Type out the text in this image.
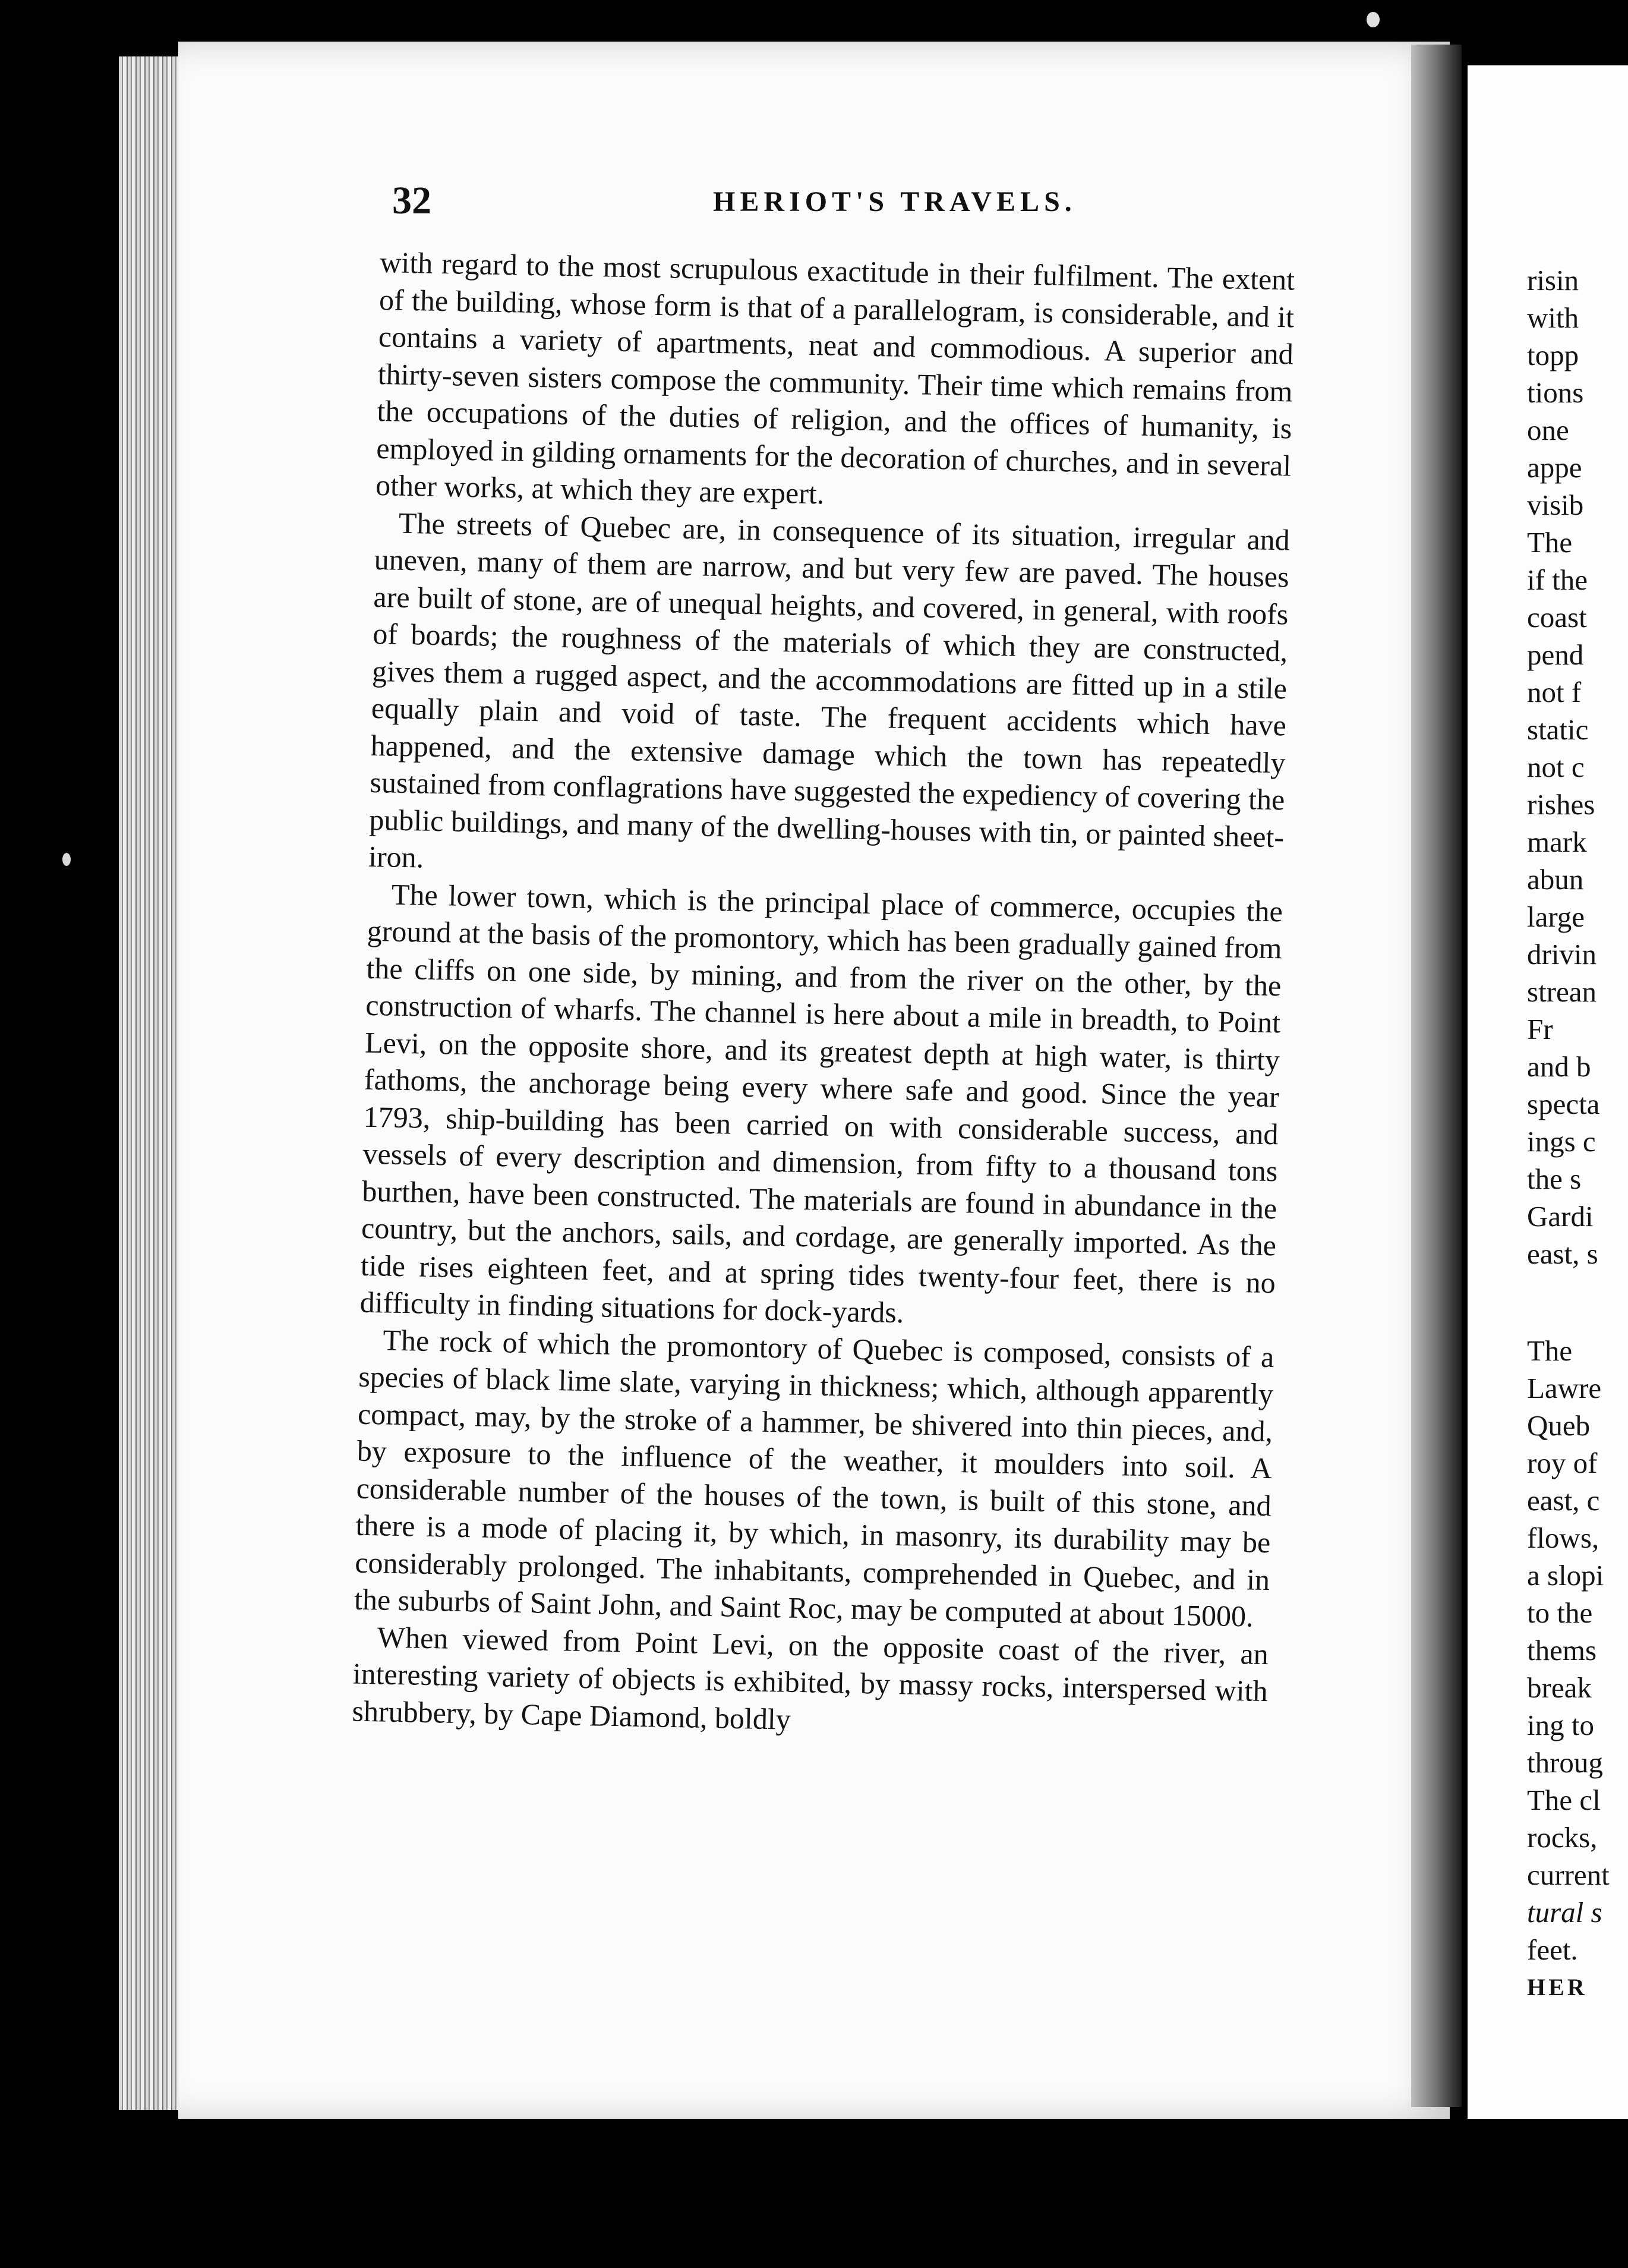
32	HERIOT'S TRAVELS.

with regard to the most scrupulous exactitude in their fulfilment. The extent of the building, whose form is that of a parallelogram, is considerable, and it contains a variety of apartments, neat and commodious. A superior and thirty-seven sisters compose the community. Their time which remains from the occupations of the duties of religion, and the offices of humanity, is employed in gilding ornaments for the decoration of churches, and in several other works, at which they are expert.

The streets of Quebec are, in consequence of its situation, irregular and uneven, many of them are narrow, and but very few are paved. The houses are built of stone, are of unequal heights, and covered, in general, with roofs of boards; the roughness of the materials of which they are constructed, gives them a rugged aspect, and the accommodations are fitted up in a stile equally plain and void of taste. The frequent accidents which have happened, and the extensive damage which the town has repeatedly sustained from conflagrations have suggested the expediency of covering the public buildings, and many of the dwelling-houses with tin, or painted sheet-iron.

The lower town, which is the principal place of commerce, occupies the ground at the basis of the promontory, which has been gradually gained from the cliffs on one side, by mining, and from the river on the other, by the construction of wharfs. The channel is here about a mile in breadth, to Point Levi, on the opposite shore, and its greatest depth at high water, is thirty fathoms, the anchorage being every where safe and good. Since the year 1793, ship-building has been carried on with considerable success, and vessels of every description and dimension, from fifty to a thousand tons burthen, have been constructed. The materials are found in abundance in the country, but the anchors, sails, and cordage, are generally imported. As the tide rises eighteen feet, and at spring tides twenty-four feet, there is no difficulty in finding situations for dock-yards.

The rock of which the promontory of Quebec is composed, consists of a species of black lime slate, varying in thickness; which, although apparently compact, may, by the stroke of a hammer, be shivered into thin pieces, and, by exposure to the influence of the weather, it moulders into soil. A considerable number of the houses of the town, is built of this stone, and there is a mode of placing it, by which, in masonry, its durability may be considerably prolonged. The inhabitants, comprehended in Quebec, and in the suburbs of Saint John, and Saint Roc, may be computed at about 15000.

When viewed from Point Levi, on the opposite coast of the river, an interesting variety of objects is exhibited, by massy rocks, interspersed with shrubbery, by Cape Diamond, boldly

risin
with
topp
tions
one
appe
visib
The
if the
coast
pend
not f
static
not c
rishes
mark
abun
large
drivin
strean
Fr
and b
specta
ings c
the s
Gardi
east, s
The
Lawre
Queb
roy of
east, c
flows,
a slopi
to the
thems
break
ing to
throug
The cl
rocks,
current
tural s
feet.
HER
